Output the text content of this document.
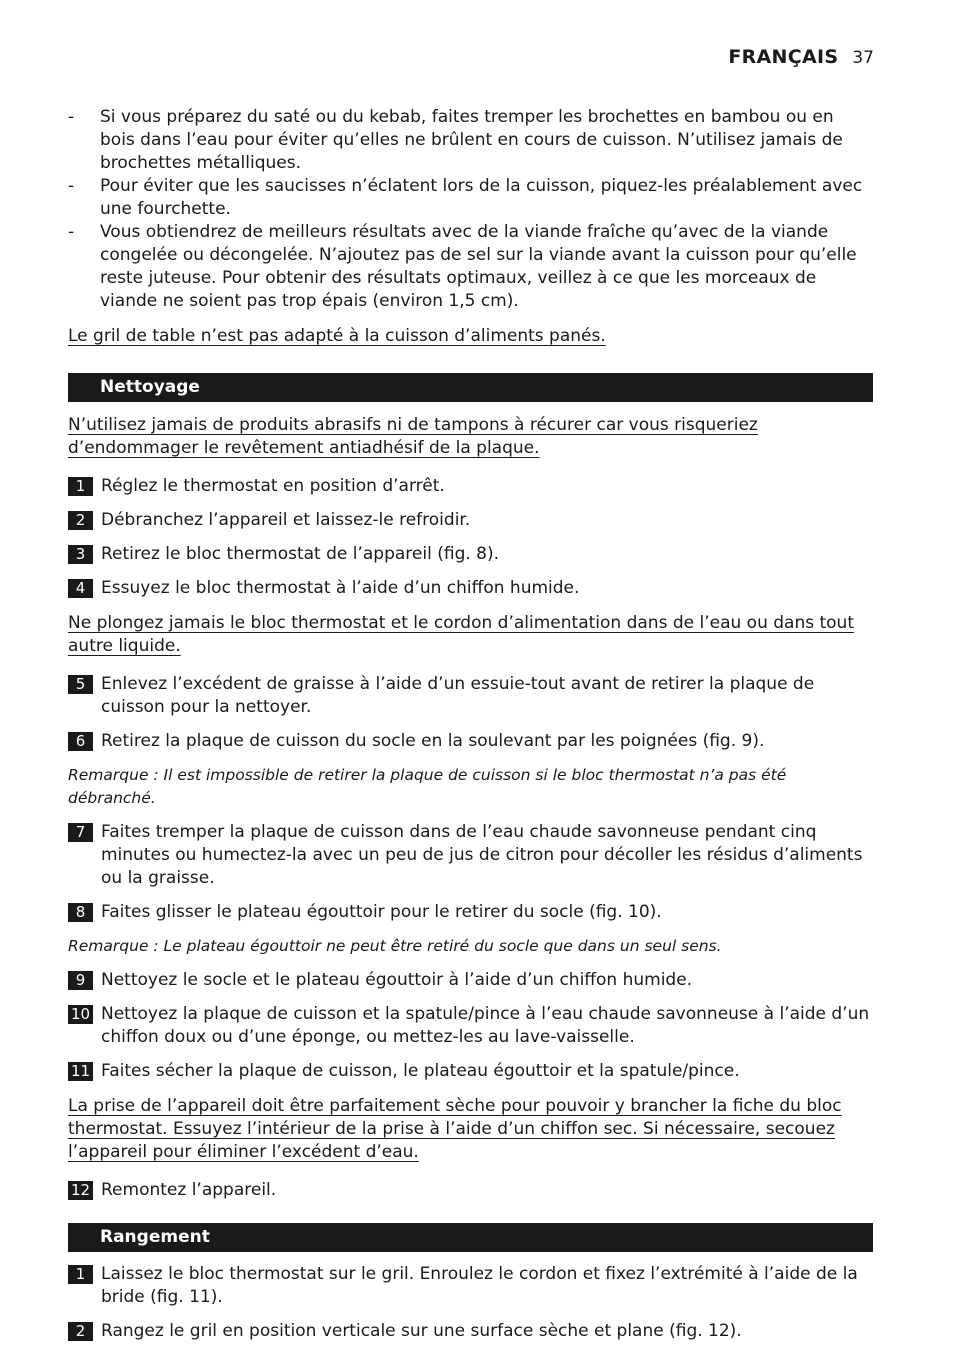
FRANÇAIS 37
- Si vous préparez du saté ou du kebab, faites tremper les brochettes en bambou ou en bois dans l’eau pour éviter qu’elles ne brûlent en cours de cuisson. N’utilisez jamais de brochettes métalliques.
- Pour éviter que les saucisses n’éclatent lors de la cuisson, piquez-les préalablement avec une fourchette.
- Vous obtiendrez de meilleurs résultats avec de la viande fraîche qu’avec de la viande congelée ou décongelée. N’ajoutez pas de sel sur la viande avant la cuisson pour qu’elle reste juteuse. Pour obtenir des résultats optimaux, veillez à ce que les morceaux de viande ne soient pas trop épais (environ 1,5 cm).
Le gril de table n’est pas adapté à la cuisson d’aliments panés.
Nettoyage
N’utilisez jamais de produits abrasifs ni de tampons à récurer car vous risqueriez d’endommager le revêtement antiadhésif de la plaque.
1 Réglez le thermostat en position d’arrêt.
2 Débranchez l’appareil et laissez-le refroidir.
3 Retirez le bloc thermostat de l’appareil (fig. 8).
4 Essuyez le bloc thermostat à l’aide d’un chiffon humide.
Ne plongez jamais le bloc thermostat et le cordon d’alimentation dans de l’eau ou dans tout autre liquide.
5 Enlevez l’excédent de graisse à l’aide d’un essuie-tout avant de retirer la plaque de cuisson pour la nettoyer.
6 Retirez la plaque de cuisson du socle en la soulevant par les poignées (fig. 9).
Remarque : Il est impossible de retirer la plaque de cuisson si le bloc thermostat n’a pas été débranché.
7 Faites tremper la plaque de cuisson dans de l’eau chaude savonneuse pendant cinq minutes ou humectez-la avec un peu de jus de citron pour décoller les résidus d’aliments ou la graisse.
8 Faites glisser le plateau égouttoir pour le retirer du socle (fig. 10).
Remarque : Le plateau égouttoir ne peut être retiré du socle que dans un seul sens.
9 Nettoyez le socle et le plateau égouttoir à l’aide d’un chiffon humide.
10 Nettoyez la plaque de cuisson et la spatule/pince à l’eau chaude savonneuse à l’aide d’un chiffon doux ou d’une éponge, ou mettez-les au lave-vaisselle.
11 Faites sécher la plaque de cuisson, le plateau égouttoir et la spatule/pince.
La prise de l’appareil doit être parfaitement sèche pour pouvoir y brancher la fiche du bloc thermostat. Essuyez l’intérieur de la prise à l’aide d’un chiffon sec. Si nécessaire, secouez l’appareil pour éliminer l’excédent d’eau.
12 Remontez l’appareil.
Rangement
1 Laissez le bloc thermostat sur le gril. Enroulez le cordon et fixez l’extrémité à l’aide de la bride (fig. 11).
2 Rangez le gril en position verticale sur une surface sèche et plane (fig. 12).
